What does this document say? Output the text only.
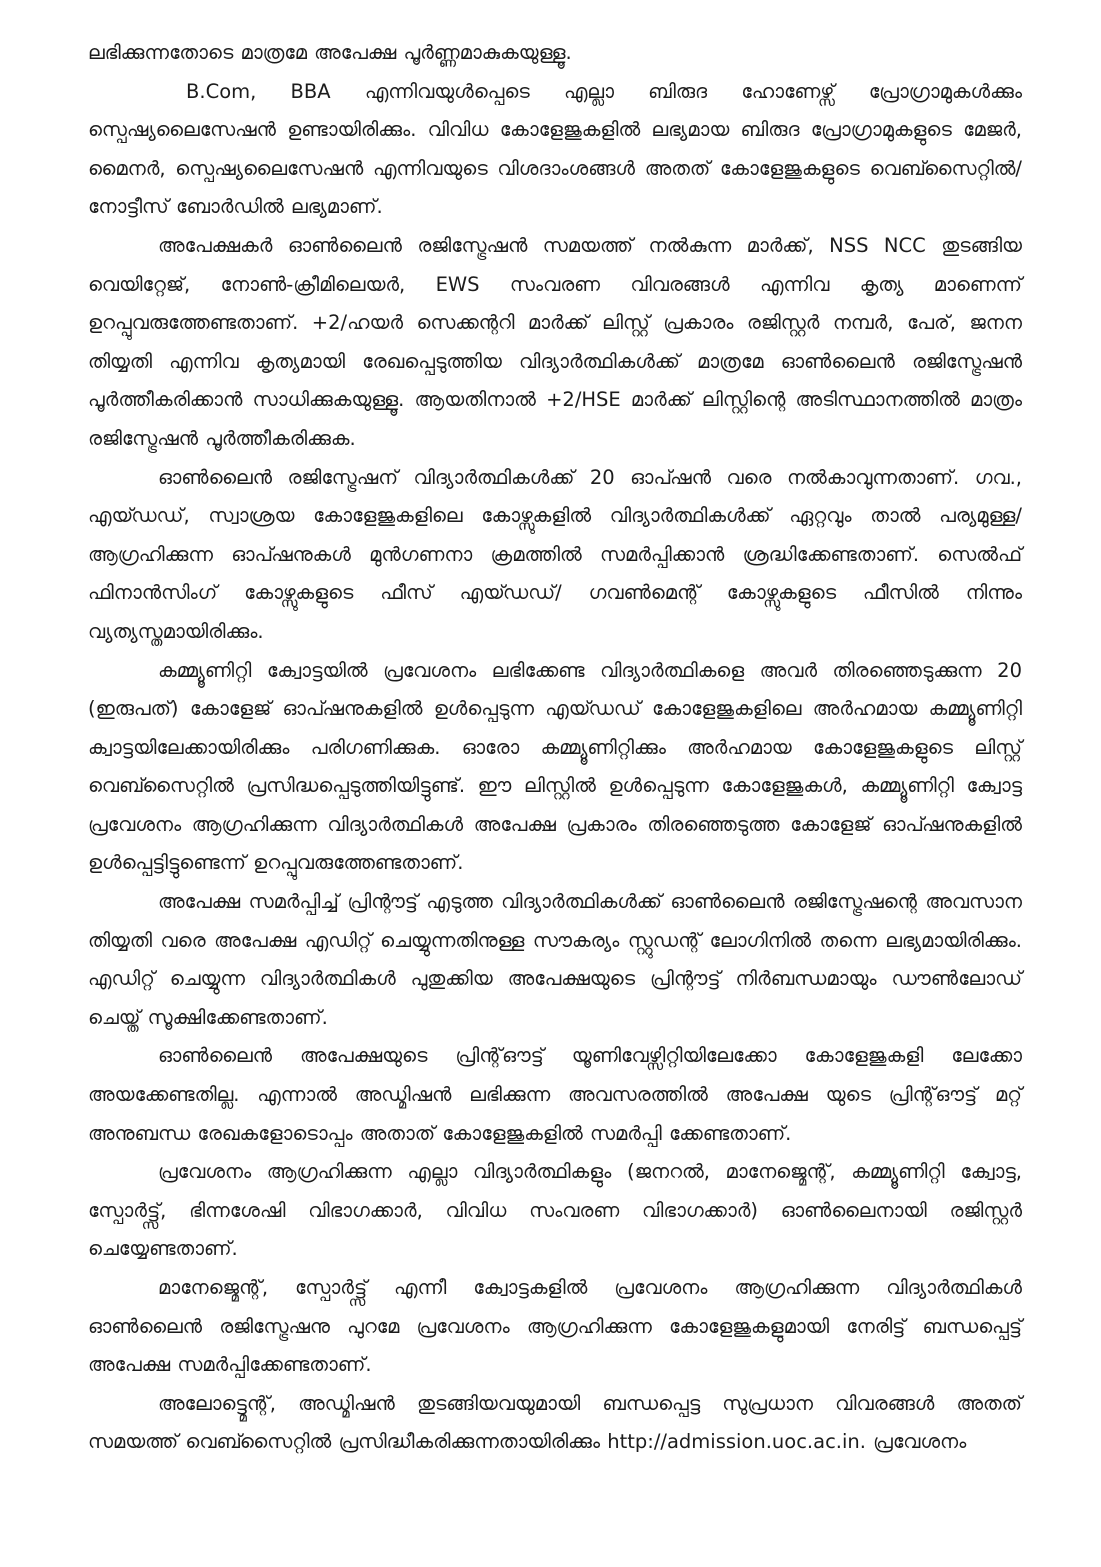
ലഭിക്കുന്നതോടെ മാത്രമേ അപേക്ഷ പൂർണ്ണമാകുകയുള്ളൂ.

B.Com, BBA എന്നിവയുൾപ്പെടെ എല്ലാ ബിരുദ ഹോണേഴ്സ് പ്രോഗ്രാമുകൾക്കും സ്പെഷ്യലൈസേഷൻ ഉണ്ടായിരിക്കും. വിവിധ കോളേജുകളിൽ ലഭ്യമായ ബിരുദ പ്രോഗ്രാമുകളുടെ മേജർ, മൈനർ, സ്പെഷ്യലൈസേഷൻ എന്നിവയുടെ വിശദാംശങ്ങൾ അതത് കോളേജുകളുടെ വെബ്സൈറ്റിൽ/നോട്ടീസ് ബോർഡിൽ ലഭ്യമാണ്.

അപേക്ഷകർ ഓൺലൈൻ രജിസ്ട്രേഷൻ സമയത്ത് നൽകുന്ന മാർക്ക്, NSS NCC തുടങ്ങിയ വെയിറ്റേജ്, നോൺ-ക്രീമിലെയർ, EWS സംവരണ വിവരങ്ങൾ എന്നിവ കൃത്യ മാണെന്ന് ഉറപ്പുവരുത്തേണ്ടതാണ്. +2/ഹയർ സെക്കന്ററി മാർക്ക് ലിസ്റ്റ് പ്രകാരം രജിസ്റ്റർ നമ്പർ, പേര്, ജനന തിയ്യതി എന്നിവ കൃത്യമായി രേഖപ്പെടുത്തിയ വിദ്യാർത്ഥികൾക്ക് മാത്രമേ ഓൺലൈൻ രജിസ്ട്രേഷൻ പൂർത്തീകരിക്കാൻ സാധിക്കുകയുള്ളൂ. ആയതിനാൽ +2/HSE മാർക്ക് ലിസ്റ്റിന്റെ അടിസ്ഥാനത്തിൽ മാത്രം രജിസ്ട്രേഷൻ പൂർത്തീകരിക്കുക.

ഓൺലൈൻ രജിസ്ട്രേഷന് വിദ്യാർത്ഥികൾക്ക് 20 ഓപ്ഷൻ വരെ നൽകാവുന്നതാണ്. ഗവ., എയ്ഡഡ്, സ്വാശ്രയ കോളേജുകളിലെ കോഴ്സുകളിൽ വിദ്യാർത്ഥികൾക്ക് ഏറ്റവും താൽ പര്യമുള്ള/ആഗ്രഹിക്കുന്ന ഓപ്ഷനുകൾ മുൻഗണനാ ക്രമത്തിൽ സമർപ്പിക്കാൻ ശ്രദ്ധിക്കേണ്ടതാണ്. സെൽഫ് ഫിനാൻസിംഗ് കോഴ്സുകളുടെ ഫീസ് എയ്ഡഡ്/ ഗവൺമെന്റ് കോഴ്സുകളുടെ ഫീസിൽ നിന്നും വ്യത്യസ്തമായിരിക്കും.

കമ്മ്യൂണിറ്റി ക്വോട്ടയിൽ പ്രവേശനം ലഭിക്കേണ്ട വിദ്യാർത്ഥികളെ അവർ തിരഞ്ഞെടുക്കുന്ന 20 (ഇരുപത്) കോളേജ് ഓപ്ഷനുകളിൽ ഉൾപ്പെടുന്ന എയ്ഡഡ് കോളേജുകളിലെ അർഹമായ കമ്മ്യൂണിറ്റി ക്വാട്ടയിലേക്കായിരിക്കും പരിഗണിക്കുക. ഓരോ കമ്മ്യൂണിറ്റിക്കും അർഹമായ കോളേജുകളുടെ ലിസ്റ്റ് വെബ്സൈറ്റിൽ പ്രസിദ്ധപ്പെടുത്തിയിട്ടുണ്ട്. ഈ ലിസ്റ്റിൽ ഉൾപ്പെടുന്ന കോളേജുകൾ, കമ്മ്യൂണിറ്റി ക്വോട്ട പ്രവേശനം ആഗ്രഹിക്കുന്ന വിദ്യാർത്ഥികൾ അപേക്ഷ പ്രകാരം തിരഞ്ഞെടുത്ത കോളേജ് ഓപ്ഷനുകളിൽ ഉൾപ്പെട്ടിട്ടുണ്ടെന്ന് ഉറപ്പുവരുത്തേണ്ടതാണ്.

അപേക്ഷ സമർപ്പിച്ച് പ്രിന്റൗട്ട് എടുത്ത വിദ്യാർത്ഥികൾക്ക് ഓൺലൈൻ രജിസ്ട്രേഷന്റെ അവസാന തിയ്യതി വരെ അപേക്ഷ എഡിറ്റ് ചെയ്യുന്നതിനുള്ള സൗകര്യം സ്റ്റുഡന്റ് ലോഗിനിൽ തന്നെ ലഭ്യമായിരിക്കും. എഡിറ്റ് ചെയ്യുന്ന വിദ്യാർത്ഥികൾ പുതുക്കിയ അപേക്ഷയുടെ പ്രിന്റൗട്ട് നിർബന്ധമായും ഡൗൺലോഡ് ചെയ്ത് സൂക്ഷിക്കേണ്ടതാണ്.

ഓൺലൈൻ അപേക്ഷയുടെ പ്രിന്റ്ഔട്ട് യൂണിവേഴ്സിറ്റിയിലേക്കോ കോളേജുകളി ലേക്കോ അയക്കേണ്ടതില്ല. എന്നാൽ അഡ്മിഷൻ ലഭിക്കുന്ന അവസരത്തിൽ അപേക്ഷ യുടെ പ്രിന്റ്ഔട്ട് മറ്റ് അനുബന്ധ രേഖകളോടൊപ്പം അതാത് കോളേജുകളിൽ സമർപ്പി ക്കേണ്ടതാണ്.

പ്രവേശനം ആഗ്രഹിക്കുന്ന എല്ലാ വിദ്യാർത്ഥികളും (ജനറൽ, മാനേജ്മെന്റ്, കമ്മ്യൂണിറ്റി ക്വോട്ട, സ്പോർട്ട്സ്, ഭിന്നശേഷി വിഭാഗക്കാർ, വിവിധ സംവരണ വിഭാഗക്കാർ) ഓൺലൈനായി രജിസ്റ്റർ ചെയ്യേണ്ടതാണ്.

മാനേജ്മെന്റ്, സ്പോർട്ട്സ് എന്നീ ക്വോട്ടകളിൽ പ്രവേശനം ആഗ്രഹിക്കുന്ന വിദ്യാർത്ഥികൾ ഓൺലൈൻ രജിസ്ട്രേഷനു പുറമേ പ്രവേശനം ആഗ്രഹിക്കുന്ന കോളേജുകളുമായി നേരിട്ട് ബന്ധപ്പെട്ട് അപേക്ഷ സമർപ്പിക്കേണ്ടതാണ്.

അലോട്ട്മെന്റ്, അഡ്മിഷൻ തുടങ്ങിയവയുമായി ബന്ധപ്പെട്ട സുപ്രധാന വിവരങ്ങൾ അതത് സമയത്ത് വെബ്സൈറ്റിൽ പ്രസിദ്ധീകരിക്കുന്നതായിരിക്കും http://admission.uoc.ac.in. പ്രവേശനം
